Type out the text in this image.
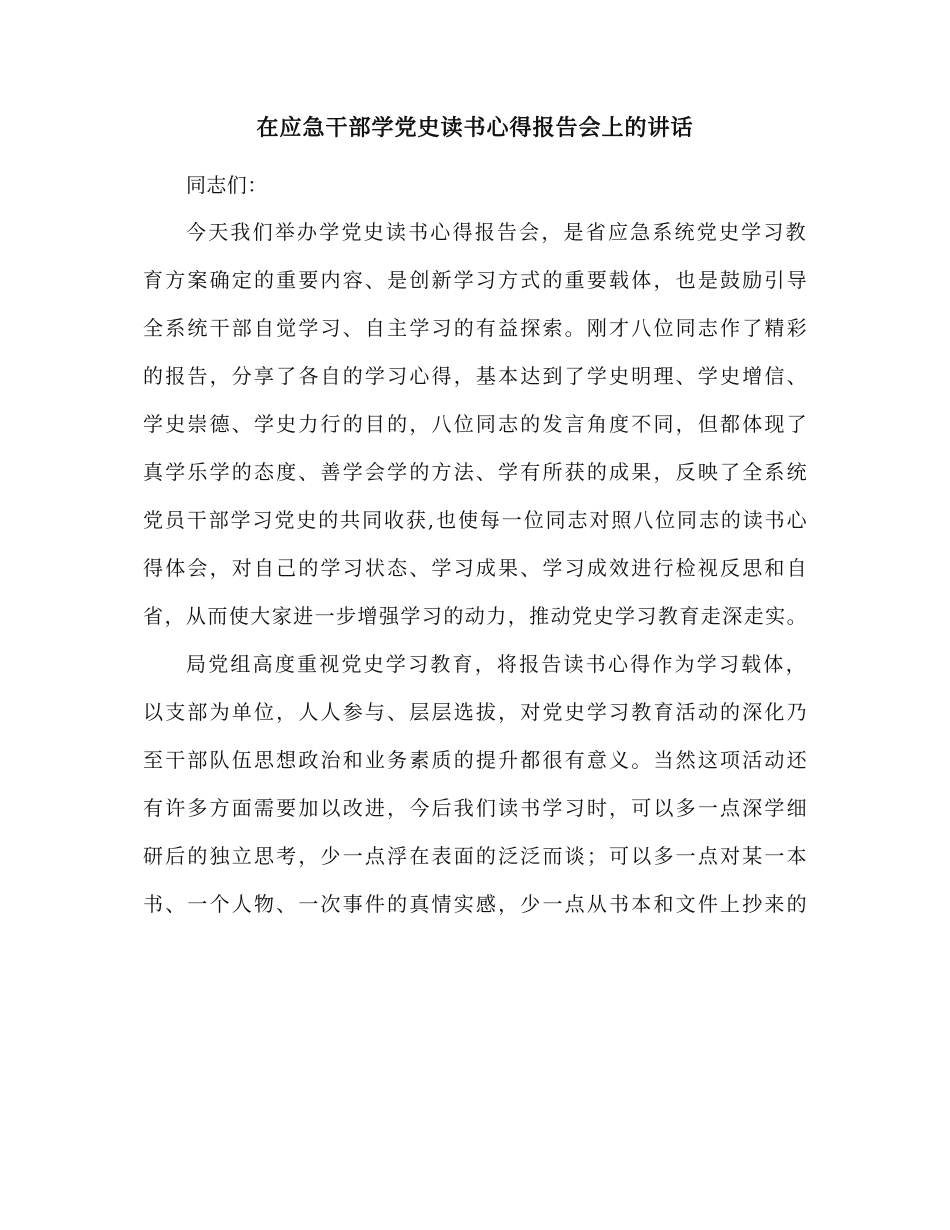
在应急干部学党史读书心得报告会上的讲话

同志们：

今天我们举办学党史读书心得报告会，是省应急系统党史学习教

育方案确定的重要内容、是创新学习方式的重要载体，也是鼓励引导

全系统干部自觉学习、自主学习的有益探索。刚才八位同志作了精彩

的报告，分享了各自的学习心得，基本达到了学史明理、学史增信、

学史崇德、学史力行的目的，八位同志的发言角度不同，但都体现了

真学乐学的态度、善学会学的方法、学有所获的成果，反映了全系统

党员干部学习党史的共同收获,也使每一位同志对照八位同志的读书心

得体会，对自己的学习状态、学习成果、学习成效进行检视反思和自

省，从而使大家进一步增强学习的动力，推动党史学习教育走深走实。

局党组高度重视党史学习教育，将报告读书心得作为学习载体，

以支部为单位，人人参与、层层选拔，对党史学习教育活动的深化乃

至干部队伍思想政治和业务素质的提升都很有意义。当然这项活动还

有许多方面需要加以改进，今后我们读书学习时，可以多一点深学细

研后的独立思考，少一点浮在表面的泛泛而谈；可以多一点对某一本

书、一个人物、一次事件的真情实感，少一点从书本和文件上抄来的
